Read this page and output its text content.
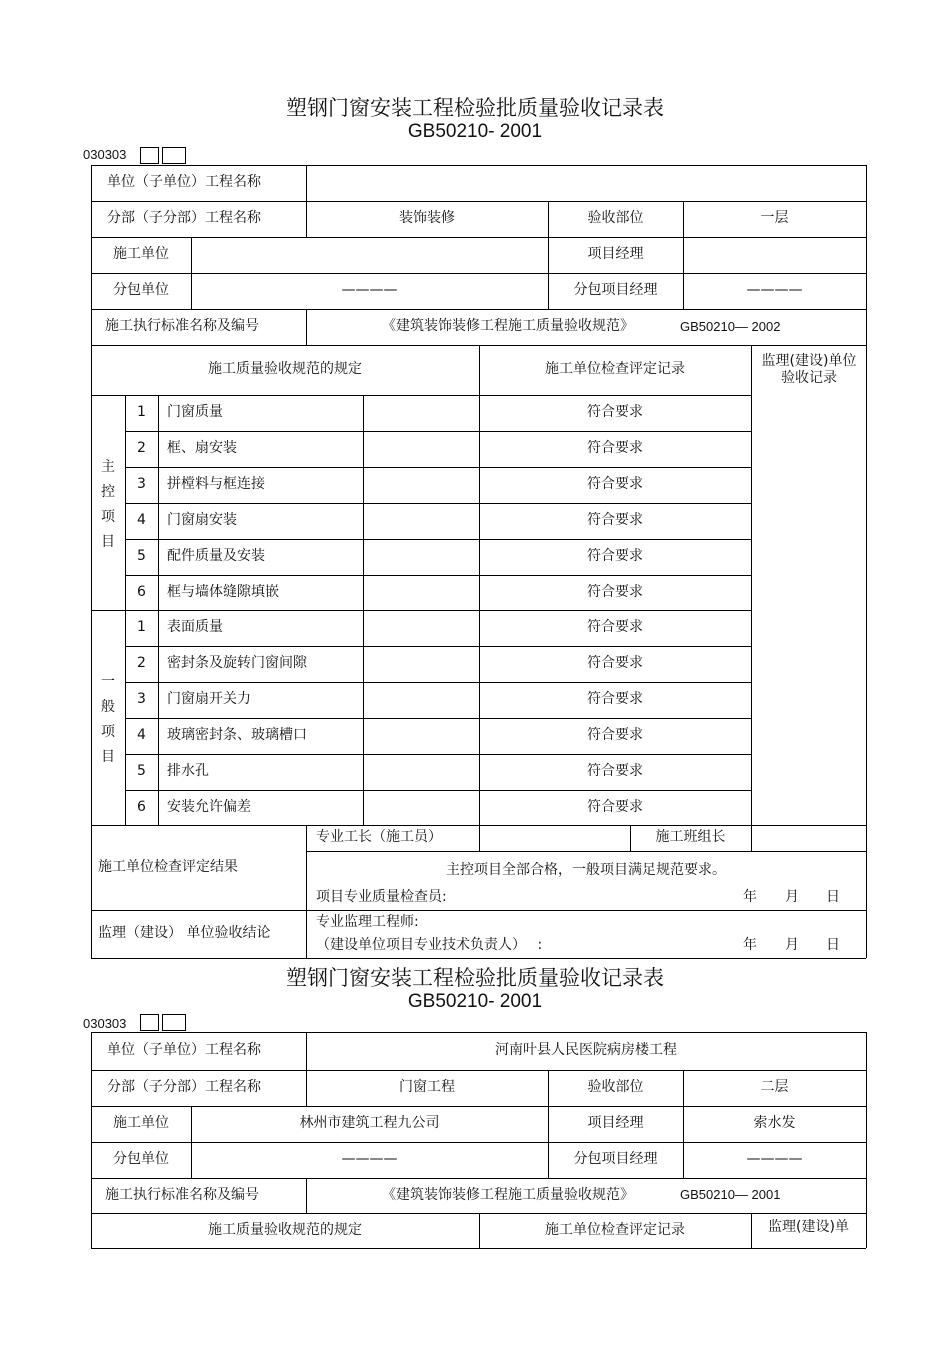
塑钢门窗安装工程检验批质量验收记录表
GB50210- 2001
030303
单位（子单位）工程名称
分部（子分部）工程名称	装饰装修	验收部位	一层
施工单位	项目经理
分包单位	————	分包项目经理	————
施工执行标准名称及编号	《建筑装饰装修工程施工质量验收规范》	GB50210— 2002
施工质量验收规范的规定	施工单位检查评定记录
监理(建设)单位验收记录
主控项目
一般项目
1	门窗质量	符合要求
2	框、扇安装	符合要求
3	拼樘料与框连接	符合要求
4	门窗扇安装	符合要求
5	配件质量及安装	符合要求
6	框与墙体缝隙填嵌	符合要求
1	表面质量	符合要求
2	密封条及旋转门窗间隙	符合要求
3	门窗扇开关力	符合要求
4	玻璃密封条、玻璃槽口	符合要求
5	排水孔	符合要求
6	安装允许偏差	符合要求
施工单位检查评定结果
专业工长（施工员）	施工班组长
主控项目全部合格，一般项目满足规范要求。
项目专业质量检查员:	年 月 日
监理（建设） 单位验收结论
专业监理工程师:
（建设单位项目专业技术负责人）　 :	年 月 日
塑钢门窗安装工程检验批质量验收记录表
GB50210- 2001
030303
单位（子单位）工程名称	河南叶县人民医院病房楼工程
分部（子分部）工程名称	门窗工程	验收部位	二层
施工单位	林州市建筑工程九公司	项目经理	索水发
分包单位	————	分包项目经理	————
施工执行标准名称及编号	《建筑装饰装修工程施工质量验收规范》	GB50210— 2001
施工质量验收规范的规定	施工单位检查评定记录	监理(建设)单
